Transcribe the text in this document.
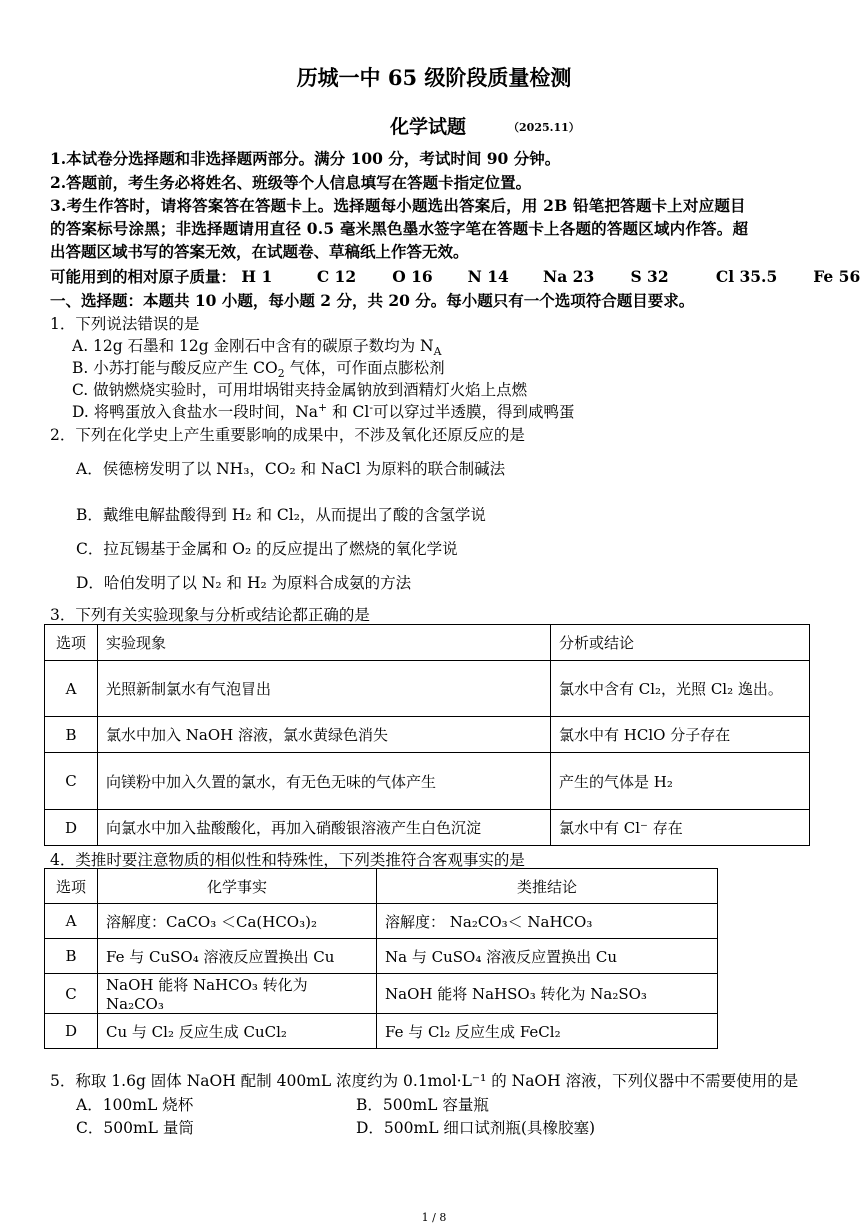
历城一中 65 级阶段质量检测
化学试题	（2025.11）
1.本试卷分选择题和非选择题两部分。满分 100 分，考试时间 90 分钟。
2.答题前，考生务必将姓名、班级等个人信息填写在答题卡指定位置。
3.考生作答时，请将答案答在答题卡上。选择题每小题选出答案后，用 2B 铅笔把答题卡上对应题目
的答案标号涂黑；非选择题请用直径 0.5 毫米黑色墨水签字笔在答题卡上各题的答题区域内作答。超
出答题区域书写的答案无效，在试题卷、草稿纸上作答无效。
可能用到的相对原子质量： H 1	C 12 O 16 N 14 Na 23 S 32	Cl 35.5 Fe 56
一、选择题：本题共 10 小题，每小题 2 分，共 20 分。每小题只有一个选项符合题目要求。
1．下列说法错误的是
A. 12g 石墨和 12g 金刚石中含有的碳原子数均为 $N_A$
B. 小苏打能与酸反应产生 $CO_2$ 气体，可作面点膨松剂
C. 做钠燃烧实验时，可用坩埚钳夹持金属钠放到酒精灯火焰上点燃
D. 将鸭蛋放入食盐水一段时间，Na+ 和 Cl-可以穿过半透膜，得到咸鸭蛋
2．下列在化学史上产生重要影响的成果中，不涉及氧化还原反应的是
A．侯德榜发明了以 NH₃，CO₂ 和 NaCl 为原料的联合制碱法
B．戴维电解盐酸得到 H₂ 和 Cl₂，从而提出了酸的含氢学说
C．拉瓦锡基于金属和 O₂ 的反应提出了燃烧的氧化学说
D．哈伯发明了以 N₂ 和 H₂ 为原料合成氨的方法
3．下列有关实验现象与分析或结论都正确的是
选项	实验现象	分析或结论
A	光照新制氯水有气泡冒出	氯水中含有 Cl₂，光照 Cl₂ 逸出。
B	氯水中加入 NaOH 溶液，氯水黄绿色消失	氯水中有 HClO 分子存在
C	向镁粉中加入久置的氯水，有无色无味的气体产生	产生的气体是 H₂
D	向氯水中加入盐酸酸化，再加入硝酸银溶液产生白色沉淀	氯水中有 Cl⁻ 存在
4．类推时要注意物质的相似性和特殊性，下列类推符合客观事实的是
选项	化学事实	类推结论
A	溶解度：CaCO₃ ＜Ca(HCO₃)₂	溶解度： Na₂CO₃＜ NaHCO₃
B	Fe 与 CuSO₄ 溶液反应置换出 Cu	Na 与 CuSO₄ 溶液反应置换出 Cu
C	NaOH 能将 NaHCO₃ 转化为 Na₂CO₃	NaOH 能将 NaHSO₃ 转化为 Na₂SO₃
D	Cu 与 Cl₂ 反应生成 CuCl₂	Fe 与 Cl₂ 反应生成 FeCl₂
5．称取 1.6g 固体 NaOH 配制 400mL 浓度约为 0.1mol·L⁻¹ 的 NaOH 溶液，下列仪器中不需要使用的是
A．100mL 烧杯	B．500mL 容量瓶
C．500mL 量筒	D．500mL 细口试剂瓶(具橡胶塞)
1 / 8
